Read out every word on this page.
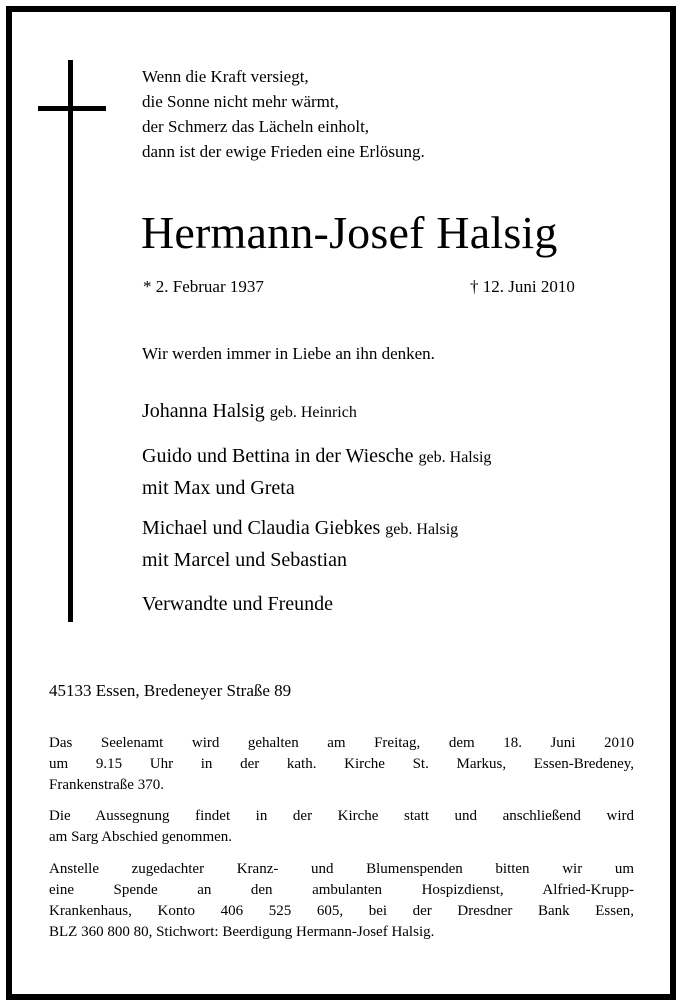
Wenn die Kraft versiegt,
die Sonne nicht mehr wärmt,
der Schmerz das Lächeln einholt,
dann ist der ewige Frieden eine Erlösung.
Hermann-Josef Halsig
* 2. Februar 1937	† 12. Juni 2010
Wir werden immer in Liebe an ihn denken.
Johanna Halsig geb. Heinrich
Guido und Bettina in der Wiesche geb. Halsig
mit Max und Greta
Michael und Claudia Giebkes geb. Halsig
mit Marcel und Sebastian
Verwandte und Freunde
45133 Essen, Bredeneyer Straße 89
Das Seelenamt wird gehalten am Freitag, dem 18. Juni 2010
um 9.15 Uhr in der kath. Kirche St. Markus, Essen-Bredeney,
Frankenstraße 370.
Die Aussegnung findet in der Kirche statt und anschließend wird
am Sarg Abschied genommen.
Anstelle zugedachter Kranz- und Blumenspenden bitten wir um
eine Spende an den ambulanten Hospizdienst, Alfried-Krupp-
Krankenhaus, Konto 406 525 605, bei der Dresdner Bank Essen,
BLZ 360 800 80, Stichwort: Beerdigung Hermann-Josef Halsig.
